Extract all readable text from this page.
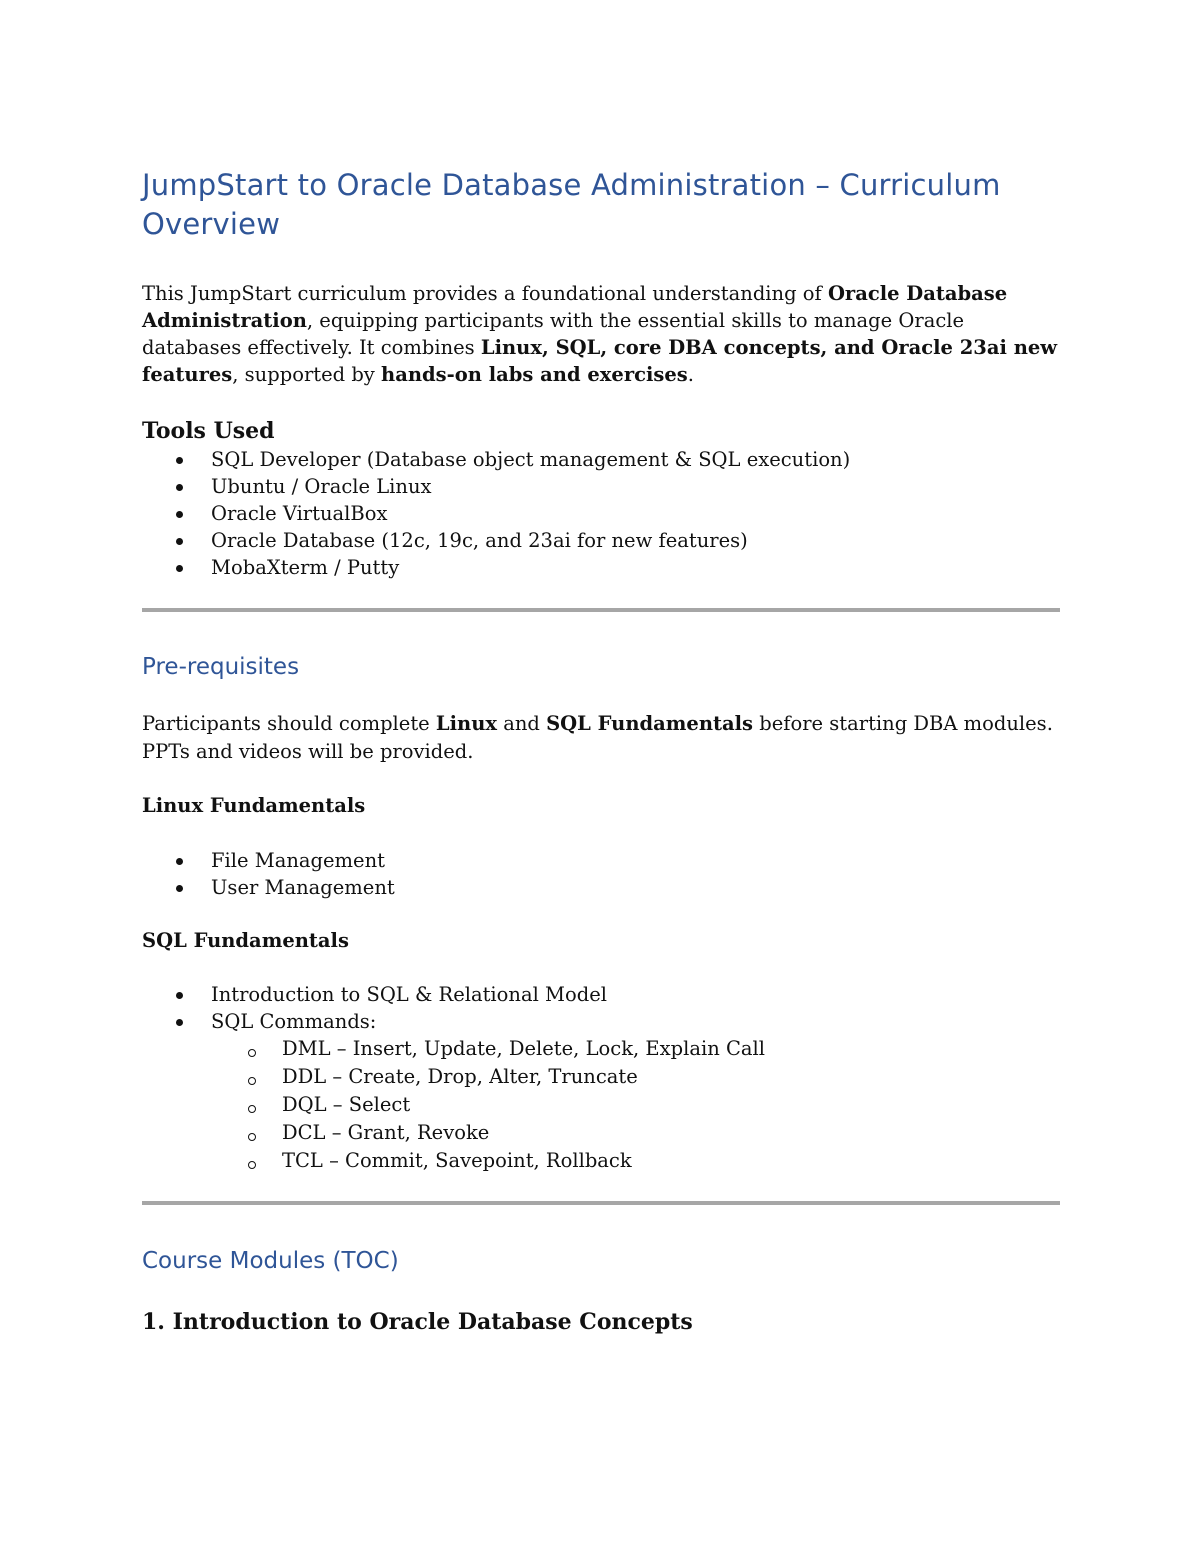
JumpStart to Oracle Database Administration – Curriculum Overview

This JumpStart curriculum provides a foundational understanding of Oracle Database Administration, equipping participants with the essential skills to manage Oracle databases effectively. It combines Linux, SQL, core DBA concepts, and Oracle 23ai new features, supported by hands-on labs and exercises.

Tools Used
SQL Developer (Database object management & SQL execution)
Ubuntu / Oracle Linux
Oracle VirtualBox
Oracle Database (12c, 19c, and 23ai for new features)
MobaXterm / Putty
Pre-requisites

Participants should complete Linux and SQL Fundamentals before starting DBA modules. PPTs and videos will be provided.

Linux Fundamentals
File Management
User Management
SQL Fundamentals
Introduction to SQL & Relational Model
SQL Commands:
DML – Insert, Update, Delete, Lock, Explain Call
DDL – Create, Drop, Alter, Truncate
DQL – Select
DCL – Grant, Revoke
TCL – Commit, Savepoint, Rollback
Course Modules (TOC)
1. Introduction to Oracle Database Concepts
